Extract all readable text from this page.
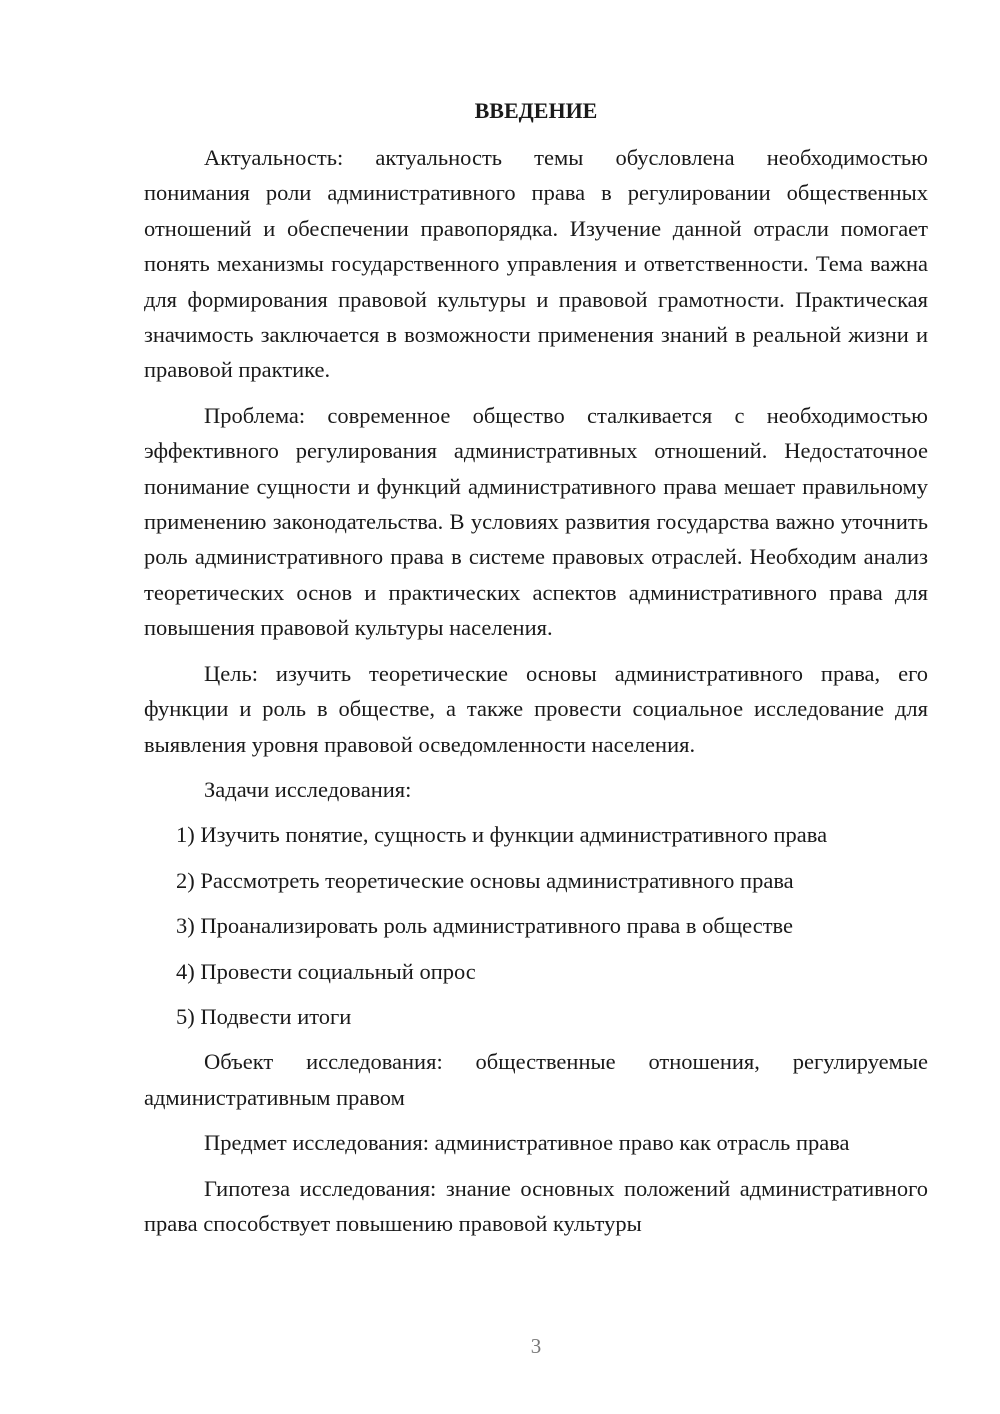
ВВЕДЕНИЕ

Актуальность: актуальность темы обусловлена необходимостью понимания роли административного права в регулировании общественных отношений и обеспечении правопорядка. Изучение данной отрасли помогает понять механизмы государственного управления и ответственности. Тема важна для формирования правовой культуры и правовой грамотности. Практическая значимость заключается в возможности применения знаний в реальной жизни и правовой практике.

Проблема: современное общество сталкивается с необходимостью эффективного регулирования административных отношений. Недостаточное понимание сущности и функций административного права мешает правильному применению законодательства. В условиях развития государства важно уточнить роль административного права в системе правовых отраслей. Необходим анализ теоретических основ и практических аспектов административного права для повышения правовой культуры населения.

Цель: изучить теоретические основы административного права, его функции и роль в обществе, а также провести социальное исследование для выявления уровня правовой осведомленности населения.

Задачи исследования:

1) Изучить понятие, сущность и функции административного права
2) Рассмотреть теоретические основы административного права
3) Проанализировать роль административного права в обществе
4) Провести социальный опрос
5) Подвести итоги

Объект исследования: общественные отношения, регулируемые административным правом

Предмет исследования: административное право как отрасль права

Гипотеза исследования: знание основных положений административного права способствует повышению правовой культуры

3
